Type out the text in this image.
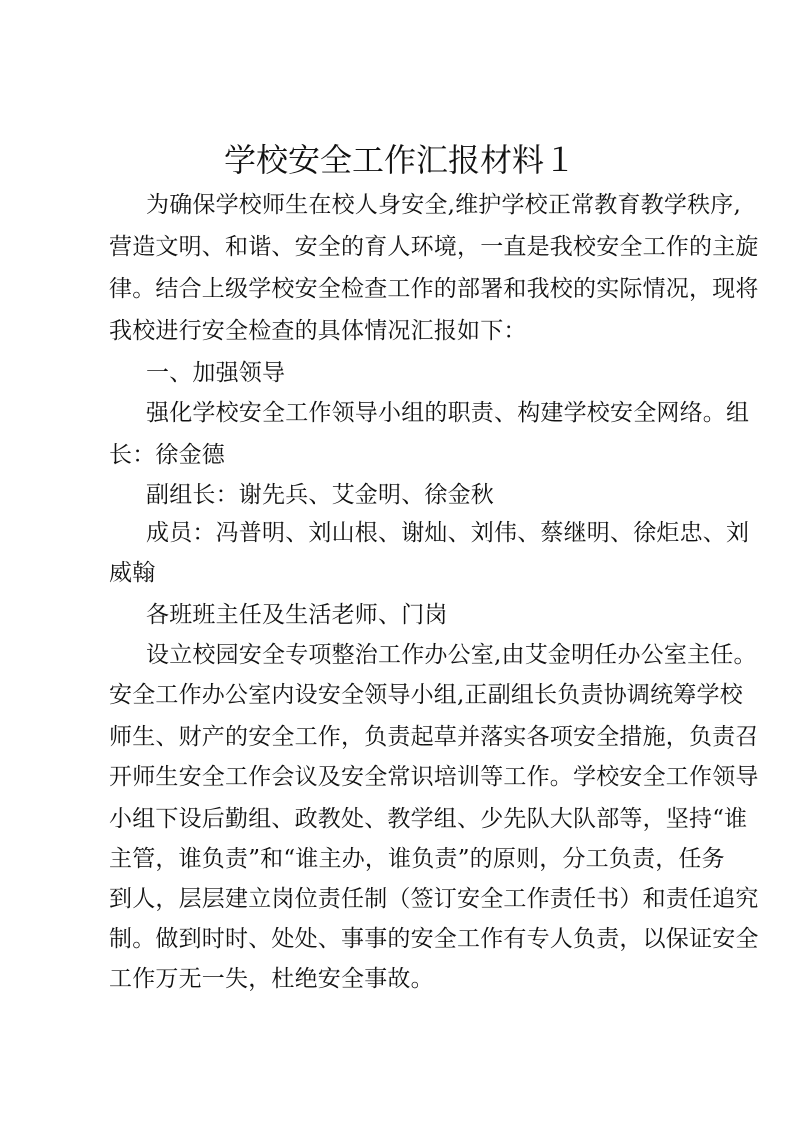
学校安全工作汇报材料１
为确保学校师生在校人身安全,维护学校正常教育教学秩序,
营造文明、和谐、安全的育人环境，一直是我校安全工作的主旋
律。结合上级学校安全检查工作的部署和我校的实际情况，现将
我校进行安全检查的具体情况汇报如下：
一、加强领导
强化学校安全工作领导小组的职责、构建学校安全网络。组
长：徐金德
副组长：谢先兵、艾金明、徐金秋
成员：冯普明、刘山根、谢灿、刘伟、蔡继明、徐炬忠、刘
威翰
各班班主任及生活老师、门岗
设立校园安全专项整治工作办公室,由艾金明任办公室主任。
安全工作办公室内设安全领导小组,正副组长负责协调统筹学校
师生、财产的安全工作，负责起草并落实各项安全措施，负责召
开师生安全工作会议及安全常识培训等工作。学校安全工作领导
小组下设后勤组、政教处、教学组、少先队大队部等，坚持“谁
主管，谁负责”和“谁主办，谁负责”的原则，分工负责，任务
到人，层层建立岗位责任制（签订安全工作责任书）和责任追究
制。做到时时、处处、事事的安全工作有专人负责，以保证安全
工作万无一失，杜绝安全事故。
